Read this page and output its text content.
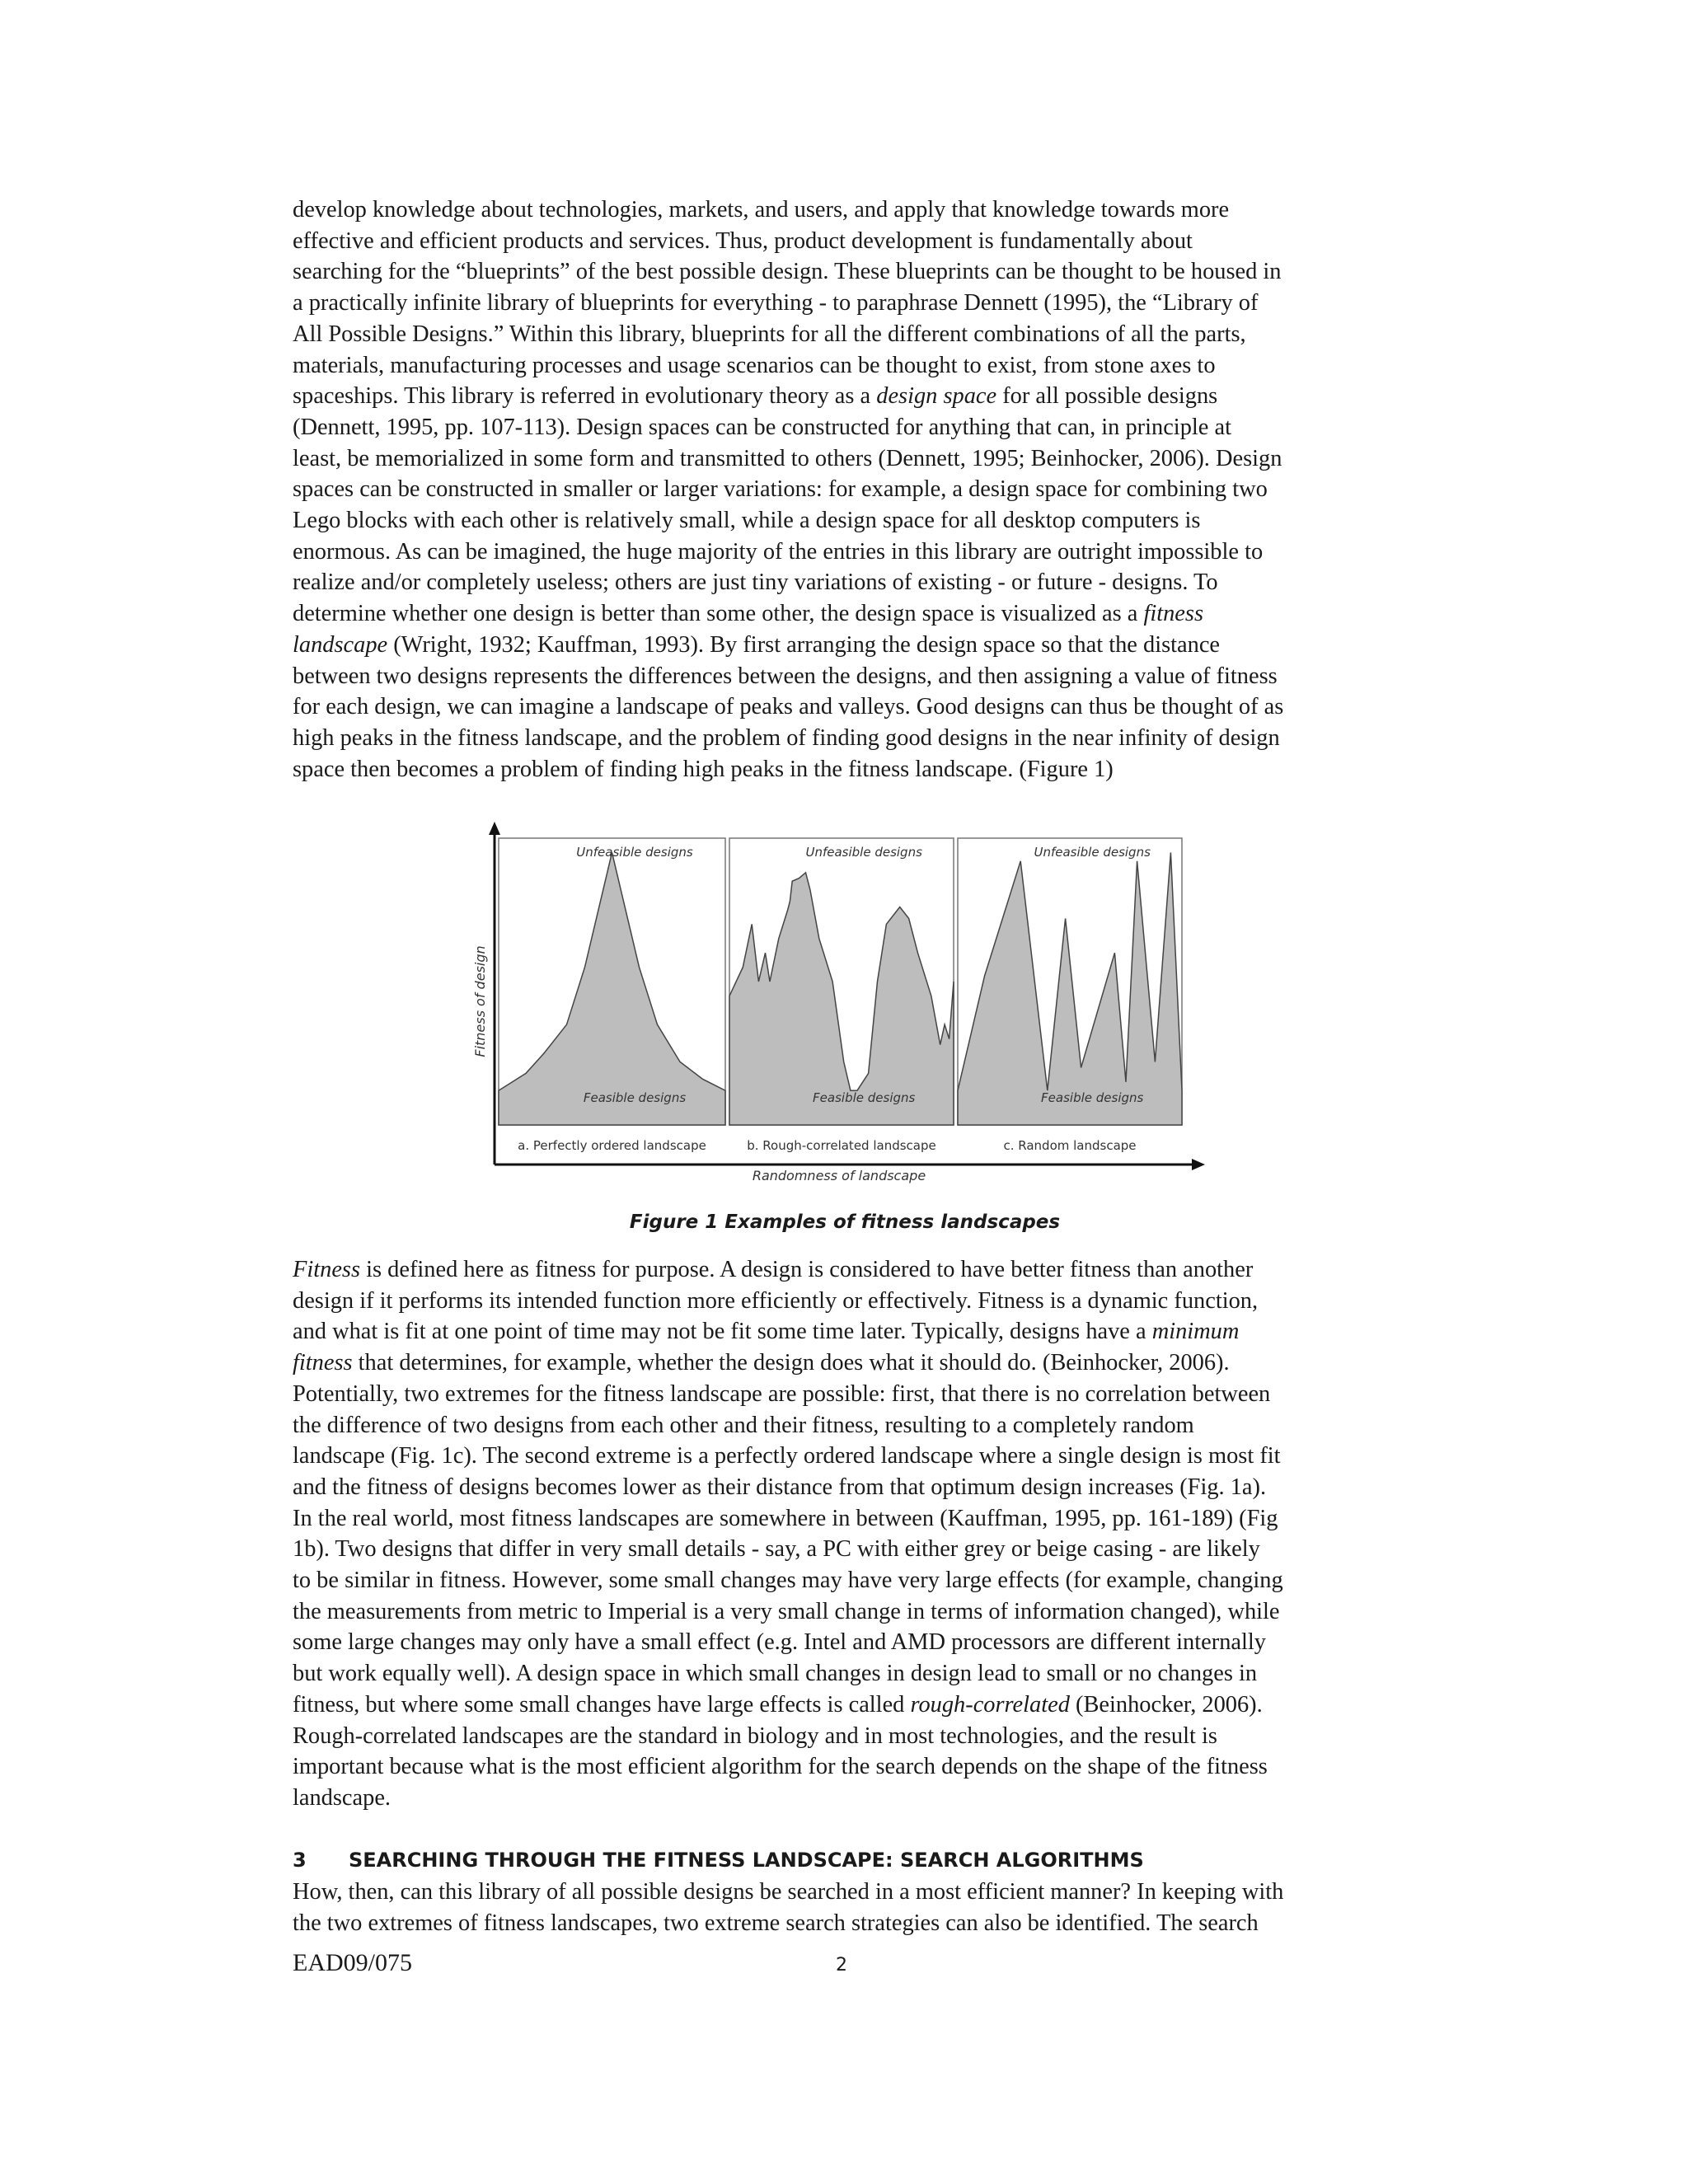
develop knowledge about technologies, markets, and users, and apply that knowledge towards more
effective and efficient products and services. Thus, product development is fundamentally about
searching for the “blueprints” of the best possible design. These blueprints can be thought to be housed in
a practically infinite library of blueprints for everything - to paraphrase Dennett (1995), the “Library of
All Possible Designs.” Within this library, blueprints for all the different combinations of all the parts,
materials, manufacturing processes and usage scenarios can be thought to exist, from stone axes to
spaceships. This library is referred in evolutionary theory as a design space for all possible designs
(Dennett, 1995, pp. 107-113). Design spaces can be constructed for anything that can, in principle at
least, be memorialized in some form and transmitted to others (Dennett, 1995; Beinhocker, 2006). Design
spaces can be constructed in smaller or larger variations: for example, a design space for combining two
Lego blocks with each other is relatively small, while a design space for all desktop computers is
enormous. As can be imagined, the huge majority of the entries in this library are outright impossible to
realize and/or completely useless; others are just tiny variations of existing - or future - designs. To
determine whether one design is better than some other, the design space is visualized as a fitness
landscape (Wright, 1932; Kauffman, 1993). By first arranging the design space so that the distance
between two designs represents the differences between the designs, and then assigning a value of fitness
for each design, we can imagine a landscape of peaks and valleys. Good designs can thus be thought of as
high peaks in the fitness landscape, and the problem of finding good designs in the near infinity of design
space then becomes a problem of finding high peaks in the fitness landscape. (Figure 1)

Fitness of design
Randomness of landscape
Unfeasible designs
Feasible designs
a. Perfectly ordered landscape
Unfeasible designs
Feasible designs
b. Rough-correlated landscape
Unfeasible designs
Feasible designs
c. Random landscape

Figure 1 Examples of fitness landscapes

Fitness is defined here as fitness for purpose. A design is considered to have better fitness than another
design if it performs its intended function more efficiently or effectively. Fitness is a dynamic function,
and what is fit at one point of time may not be fit some time later. Typically, designs have a minimum
fitness that determines, for example, whether the design does what it should do. (Beinhocker, 2006).
Potentially, two extremes for the fitness landscape are possible: first, that there is no correlation between
the difference of two designs from each other and their fitness, resulting to a completely random
landscape (Fig. 1c). The second extreme is a perfectly ordered landscape where a single design is most fit
and the fitness of designs becomes lower as their distance from that optimum design increases (Fig. 1a).
In the real world, most fitness landscapes are somewhere in between (Kauffman, 1995, pp. 161-189) (Fig
1b). Two designs that differ in very small details - say, a PC with either grey or beige casing - are likely
to be similar in fitness. However, some small changes may have very large effects (for example, changing
the measurements from metric to Imperial is a very small change in terms of information changed), while
some large changes may only have a small effect (e.g. Intel and AMD processors are different internally
but work equally well). A design space in which small changes in design lead to small or no changes in
fitness, but where some small changes have large effects is called rough-correlated (Beinhocker, 2006).
Rough-correlated landscapes are the standard in biology and in most technologies, and the result is
important because what is the most efficient algorithm for the search depends on the shape of the fitness
landscape.

3 SEARCHING THROUGH THE FITNESS LANDSCAPE: SEARCH ALGORITHMS

How, then, can this library of all possible designs be searched in a most efficient manner? In keeping with
the two extremes of fitness landscapes, two extreme search strategies can also be identified. The search

EAD09/075	2
